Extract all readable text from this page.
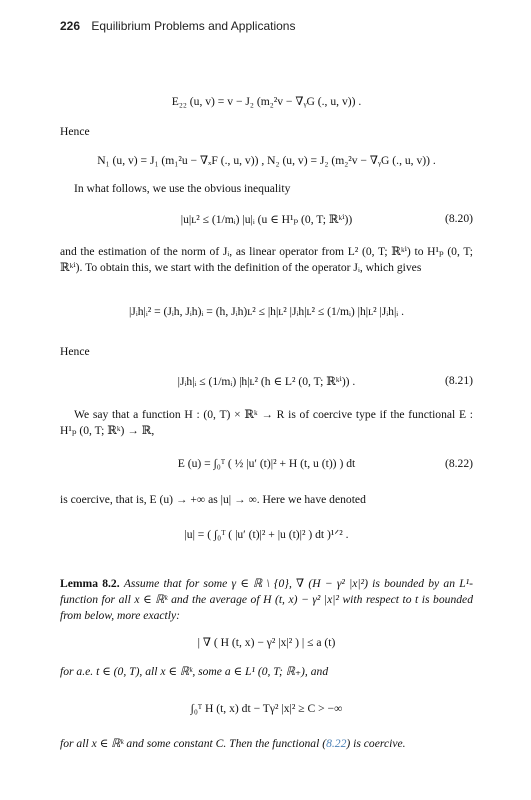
226 Equilibrium Problems and Applications
E₂₂ (u, v) = v − J₂ (m₂²v − ∇ᵧG (., u, v)) .
Hence
N₁ (u, v) = J₁ (m₁²u − ∇ₓF (., u, v)) , N₂ (u, v) = J₂ (m₂²v − ∇ᵧG (., u, v)) .
In what follows, we use the obvious inequality
|u|ʟ² ≤ (1/mᵢ) |u|ᵢ (u ∈ H¹ₚ (0, T; ℝᵏⁱ))	(8.20)
and the estimation of the norm of Jᵢ, as linear operator from L² (0, T; ℝᵏⁱ) to H¹ₚ (0, T; ℝᵏⁱ). To obtain this, we start with the definition of the operator Jᵢ, which gives
|Jᵢh|ᵢ² = (Jᵢh, Jᵢh)ᵢ = (h, Jᵢh)ʟ² ≤ |h|ʟ² |Jᵢh|ʟ² ≤ (1/mᵢ) |h|ʟ² |Jᵢh|ᵢ .
Hence
|Jᵢh|ᵢ ≤ (1/mᵢ) |h|ʟ² (h ∈ L² (0, T; ℝᵏⁱ)) .	(8.21)
We say that a function H : (0, T) × ℝᵏ → R is of coercive type if the functional E : H¹ₚ (0, T; ℝᵏ) → ℝ,
E (u) = ∫₀ᵀ ( ½ |u′ (t)|² + H (t, u (t)) ) dt	(8.22)
is coercive, that is, E (u) → +∞ as |u| → ∞. Here we have denoted
|u| = ( ∫₀ᵀ ( |u′ (t)|² + |u (t)|² ) dt )¹ᐟ² .
Lemma 8.2. Assume that for some γ ∈ ℝ \ {0}, ∇ (H − γ² |x|²) is bounded by an L¹-function for all x ∈ ℝᵏ and the average of H (t, x) − γ² |x|² with respect to t is bounded from below, more exactly:
| ∇ ( H (t, x) − γ² |x|² ) | ≤ a (t)
for a.e. t ∈ (0, T), all x ∈ ℝᵏ, some a ∈ L¹ (0, T; ℝ₊), and
∫₀ᵀ H (t, x) dt − Tγ² |x|² ≥ C > −∞
for all x ∈ ℝᵏ and some constant C. Then the functional (8.22) is coercive.
